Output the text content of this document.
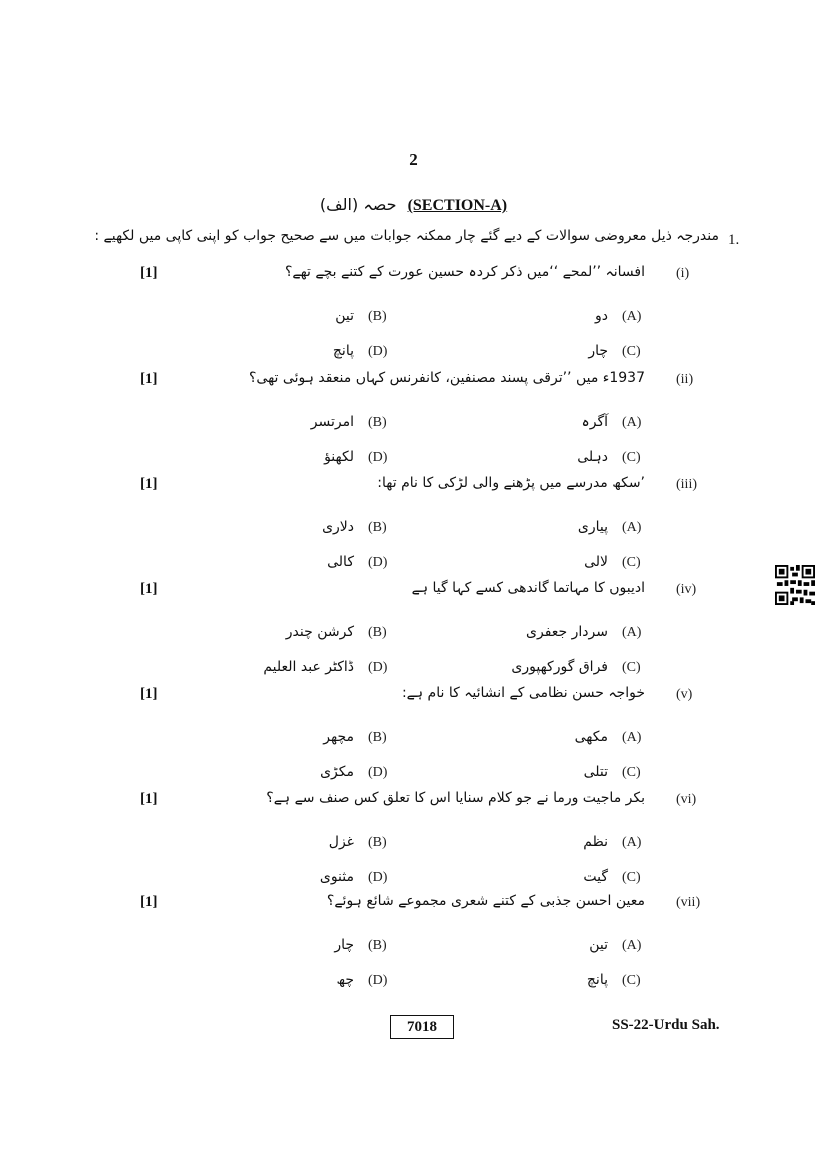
2
حصہ (الف) (SECTION-A)
1.
مندرجہ ذیل معروضی سوالات کے دیے گئے چار ممکنہ جوابات میں سے صحیح جواب کو اپنی کاپی میں لکھیے :
(i)
افسانہ ’’لمحے ‘‘میں ذکر کردہ حسین عورت کے کتنے بچے تھے؟
[1]
(A)
دو
(B)
تین
(C)
چار
(D)
پانچ
(ii)
1937ء میں ’’ترقی پسند مصنفین، کانفرنس کہاں منعقد ہوئی تھی؟
[1]
(A)
آگرہ
(B)
امرتسر
(C)
دہلی
(D)
لکھنؤ
(iii)
’سکھ مدرسے میں پڑھنے والی لڑکی کا نام تھا:
[1]
(A)
پیاری
(B)
دلاری
(C)
لالی
(D)
کالی
(iv)
ادیبوں کا مہاتما گاندھی کسے کہا گیا ہے
[1]
(A)
سردار جعفری
(B)
کرشن چندر
(C)
فراق گورکھپوری
(D)
ڈاکٹر عبد العلیم
(v)
خواجہ حسن نظامی کے انشائیہ کا نام ہے:
[1]
(A)
مکھی
(B)
مچھر
(C)
تتلی
(D)
مکڑی
(vi)
بکر ماجیت ورما نے جو کلام سنایا اس کا تعلق کس صنف سے ہے؟
[1]
(A)
نظم
(B)
غزل
(C)
گیت
(D)
مثنوی
(vii)
معین احسن جذبی کے کتنے شعری مجموعے شائع ہوئے؟
[1]
(A)
تین
(B)
چار
(C)
پانچ
(D)
چھ
7018	SS-22-Urdu Sah.
